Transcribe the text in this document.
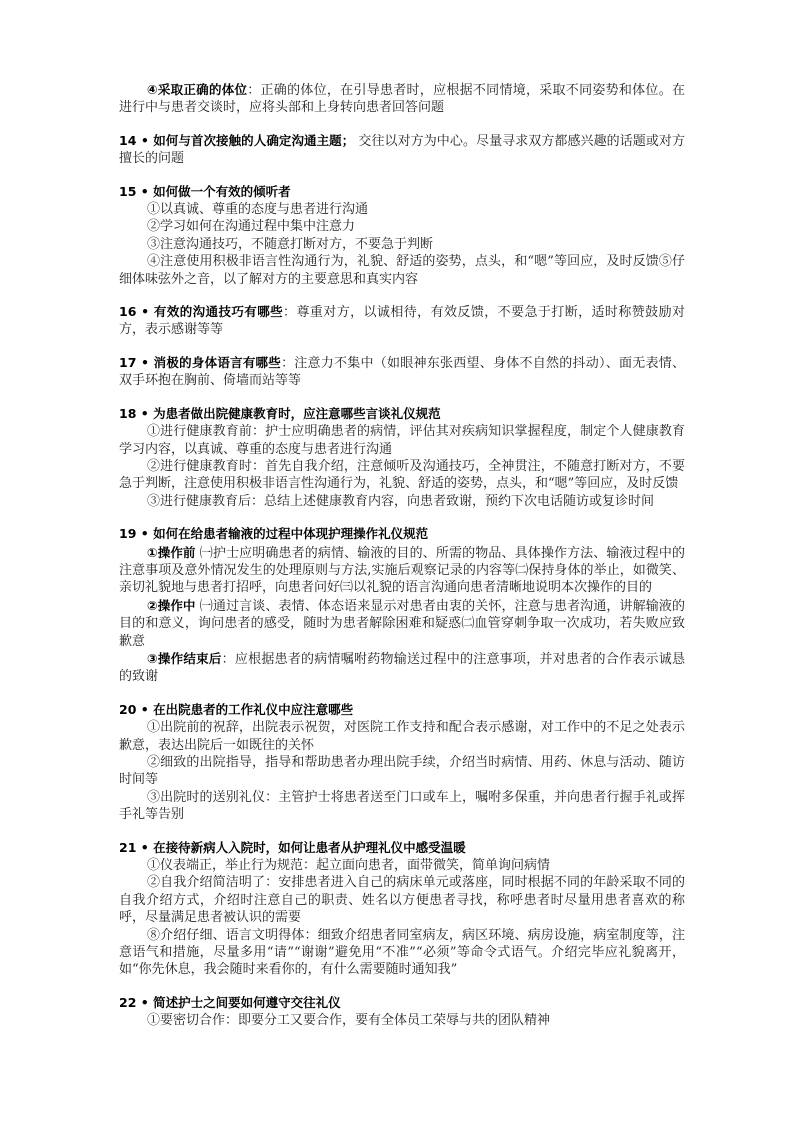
④采取正确的体位：正确的体位，在引导患者时，应根据不同情境，采取不同姿势和体位。在进行中与患者交谈时，应将头部和上身转向患者回答问题

14 • 如何与首次接触的人确定沟通主题； 交往以对方为中心。尽量寻求双方都感兴趣的话题或对方擅长的问题

15 • 如何做一个有效的倾听者

①以真诚、尊重的态度与患者进行沟通

②学习如何在沟通过程中集中注意力

③注意沟通技巧，不随意打断对方，不要急于判断

④注意使用积极非语言性沟通行为，礼貌、舒适的姿势，点头，和“嗯”等回应，及时反馈⑤仔细体味弦外之音，以了解对方的主要意思和真实内容

16 • 有效的沟通技巧有哪些：尊重对方，以诚相待，有效反馈，不要急于打断，适时称赞鼓励对方，表示感谢等等

17 • 消极的身体语言有哪些：注意力不集中（如眼神东张西望、身体不自然的抖动）、面无表情、双手环抱在胸前、倚墙而站等等

18 • 为患者做出院健康教育时，应注意哪些言谈礼仪规范

①进行健康教育前：护士应明确患者的病情，评估其对疾病知识掌握程度，制定个人健康教育学习内容，以真诚、尊重的态度与患者进行沟通

②进行健康教育时：首先自我介绍，注意倾听及沟通技巧，全神贯注，不随意打断对方，不要急于判断，注意使用积极非语言性沟通行为，礼貌、舒适的姿势，点头，和“嗯”等回应，及时反馈

③进行健康教育后：总结上述健康教育内容，向患者致谢，预约下次电话随访或复诊时间

19 • 如何在给患者输液的过程中体现护理操作礼仪规范

①操作前 ㈠护士应明确患者的病情、输液的目的、所需的物品、具体操作方法、输液过程中的注意事项及意外情况发生的处理原则与方法,实施后观察记录的内容等㈡保持身体的举止，如微笑、亲切礼貌地与患者打招呼，向患者问好㈢以礼貌的语言沟通向患者清晰地说明本次操作的目的

②操作中 ㈠通过言谈、表情、体态语来显示对患者由衷的关怀，注意与患者沟通，讲解输液的目的和意义，询问患者的感受，随时为患者解除困难和疑惑㈡血管穿刺争取一次成功，若失败应致歉意

③操作结束后：应根据患者的病情嘱咐药物输送过程中的注意事项，并对患者的合作表示诚恳的致谢

20 • 在出院患者的工作礼仪中应注意哪些

①出院前的祝辞，出院表示祝贺，对医院工作支持和配合表示感谢，对工作中的不足之处表示歉意，表达出院后一如既往的关怀

②细致的出院指导，指导和帮助患者办理出院手续，介绍当时病情、用药、休息与活动、随访时间等

③出院时的送别礼仪：主管护士将患者送至门口或车上，嘱咐多保重，并向患者行握手礼或挥手礼等告别

21 • 在接待新病人入院时，如何让患者从护理礼仪中感受温暖

①仪表端正，举止行为规范：起立面向患者，面带微笑，简单询问病情

②自我介绍简洁明了：安排患者进入自己的病床单元或落座，同时根据不同的年龄采取不同的自我介绍方式，介绍时注意自己的职责、姓名以方便患者寻找，称呼患者时尽量用患者喜欢的称呼，尽量满足患者被认识的需要

⑧介绍仔细、语言文明得体：细致介绍患者同室病友，病区环境、病房设施，病室制度等，注意语气和措施，尽量多用“请”“谢谢”避免用“不准”“必须”等命令式语气。介绍完毕应礼貌离开，如“你先休息，我会随时来看你的，有什么需要随时通知我”

22 • 简述护士之间要如何遵守交往礼仪

①要密切合作：即要分工又要合作，要有全体员工荣辱与共的团队精神
